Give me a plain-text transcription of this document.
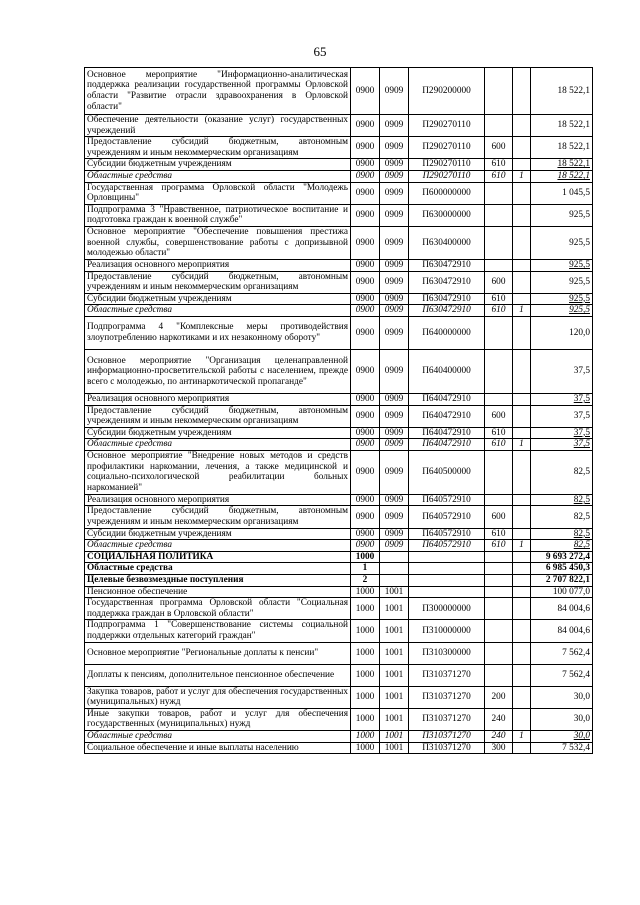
65
Основное мероприятие "Информационно-аналитическая поддержка реализации государственной программы Орловской области "Развитие отрасли здравоохранения в Орловской области"	0900	0909	П290200000			18 522,1
Обеспечение деятельности (оказание услуг) государственных учреждений	0900	0909	П290270110			18 522,1
Предоставление субсидий бюджетным, автономным учреждениям и иным некоммерческим организациям	0900	0909	П290270110	600		18 522,1
Субсидии бюджетным учреждениям	0900	0909	П290270110	610		18 522,1
Областные средства	0900	0909	П290270110	610	1	18 522,1
Государственная программа Орловской области "Молодежь Орловщины"	0900	0909	П600000000			1 045,5
Подпрограмма 3 "Нравственное, патриотическое воспитание и подготовка граждан к военной службе"	0900	0909	П630000000			925,5
Основное мероприятие "Обеспечение повышения престижа военной службы, совершенствование работы с допризывной молодежью области"	0900	0909	П630400000			925,5
Реализация основного мероприятия	0900	0909	П630472910			925,5
Предоставление субсидий бюджетным, автономным учреждениям и иным некоммерческим организациям	0900	0909	П630472910	600		925,5
Субсидии бюджетным учреждениям	0900	0909	П630472910	610		925,5
Областные средства	0900	0909	П630472910	610	1	925,5
Подпрограмма 4 "Комплексные меры противодействия злоупотреблению наркотиками и их незаконному обороту"	0900	0909	П640000000			120,0
Основное мероприятие "Организация целенаправленной информационно-просветительской работы с населением, прежде всего с молодежью, по антинаркотической пропаганде"	0900	0909	П640400000			37,5
Реализация основного мероприятия	0900	0909	П640472910			37,5
Предоставление субсидий бюджетным, автономным учреждениям и иным некоммерческим организациям	0900	0909	П640472910	600		37,5
Субсидии бюджетным учреждениям	0900	0909	П640472910	610		37,5
Областные средства	0900	0909	П640472910	610	1	37,5
Основное мероприятие "Внедрение новых методов и средств профилактики наркомании, лечения, а также медицинской и социально-психологической реабилитации больных наркоманией"	0900	0909	П640500000			82,5
Реализация основного мероприятия	0900	0909	П640572910			82,5
Предоставление субсидий бюджетным, автономным учреждениям и иным некоммерческим организациям	0900	0909	П640572910	600		82,5
Субсидии бюджетным учреждениям	0900	0909	П640572910	610		82,5
Областные средства	0900	0909	П640572910	610	1	82,5
СОЦИАЛЬНАЯ ПОЛИТИКА	1000					9 693 272,4
Областные средства	1					6 985 450,3
Целевые безвозмездные поступления	2					2 707 822,1
Пенсионное обеспечение	1000	1001				100 077,0
Государственная программа Орловской области "Социальная поддержка граждан в Орловской области"	1000	1001	П300000000			84 004,6
Подпрограмма 1 "Совершенствование системы социальной поддержки отдельных категорий граждан"	1000	1001	П310000000			84 004,6
Основное мероприятие "Региональные доплаты к пенсии"	1000	1001	П310300000			7 562,4
Доплаты к пенсиям, дополнительное пенсионное обеспечение	1000	1001	П310371270			7 562,4
Закупка товаров, работ и услуг для обеспечения государственных (муниципальных) нужд	1000	1001	П310371270	200		30,0
Иные закупки товаров, работ и услуг для обеспечения государственных (муниципальных) нужд	1000	1001	П310371270	240		30,0
Областные средства	1000	1001	П310371270	240	1	30,0
Социальное обеспечение и иные выплаты населению	1000	1001	П310371270	300		7 532,4
